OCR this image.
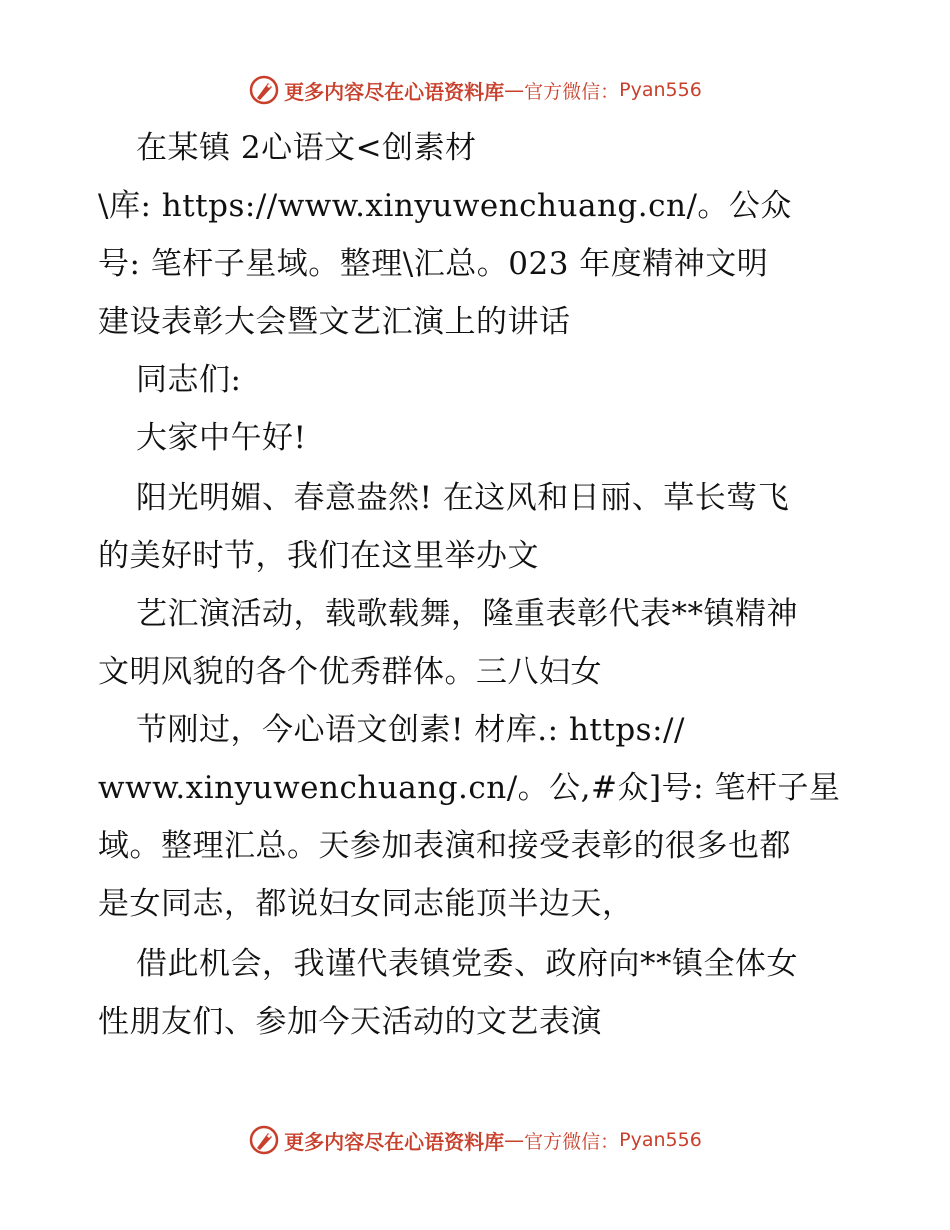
更多内容尽在心语资料库 — 官方微信： Pyan556
在某镇 2心语文<创素材
\库: https://www.xinyuwenchuang.cn/。公众
号: 笔杆子星域。整理\汇总。023 年度精神文明
建设表彰大会暨文艺汇演上的讲话
同志们:
大家中午好!
阳光明媚、春意盎然! 在这风和日丽、草长莺飞
的美好时节，我们在这里举办文
艺汇演活动，载歌载舞，隆重表彰代表**镇精神
文明风貌的各个优秀群体。三八妇女
节刚过，今心语文创素! 材库.: https://
www.xinyuwenchuang.cn/。公,#众]号: 笔杆子星
域。整理汇总。天参加表演和接受表彰的很多也都
是女同志，都说妇女同志能顶半边天，
借此机会，我谨代表镇党委、政府向**镇全体女
性朋友们、参加今天活动的文艺表演
更多内容尽在心语资料库 — 官方微信： Pyan556
